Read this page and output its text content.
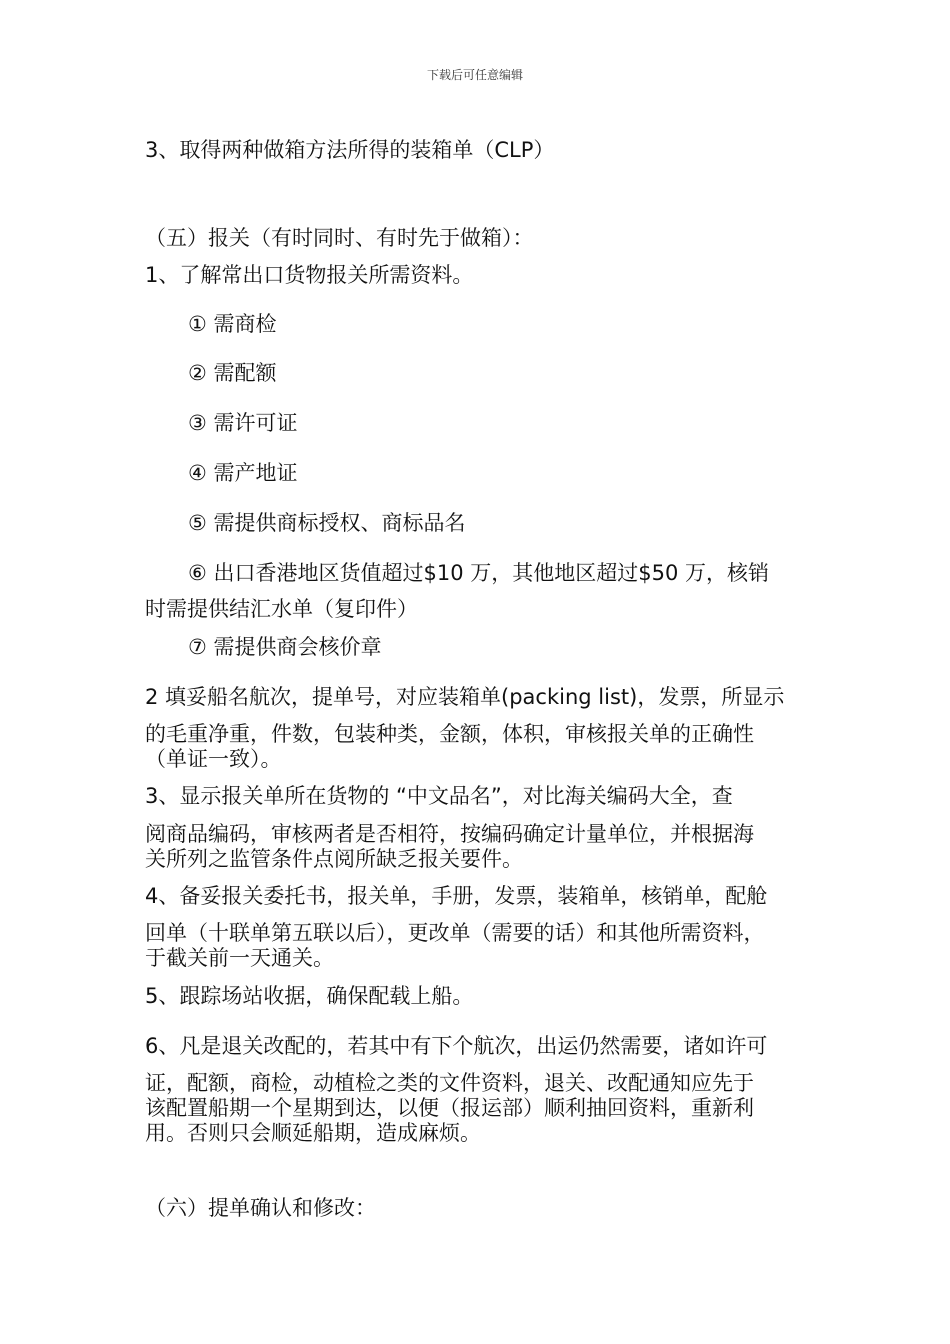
下载后可任意编辑
3、取得两种做箱方法所得的装箱单（CLP）
（五）报关（有时同时、有时先于做箱）：
1、了解常出口货物报关所需资料。
① 需商检
② 需配额
③ 需许可证
④ 需产地证
⑤ 需提供商标授权、商标品名
⑥ 出口香港地区货值超过$10 万，其他地区超过$50 万，核销
时需提供结汇水单（复印件）
⑦ 需提供商会核价章
2 填妥船名航次，提单号，对应装箱单(packing list)，发票，所显示
的毛重净重，件数，包装种类，金额，体积，审核报关单的正确性
（单证一致）。
3、显示报关单所在货物的 “中文品名”，对比海关编码大全，查
阅商品编码，审核两者是否相符，按编码确定计量单位，并根据海
关所列之监管条件点阅所缺乏报关要件。
4、备妥报关委托书，报关单，手册，发票，装箱单，核销单，配舱
回单（十联单第五联以后），更改单（需要的话）和其他所需资料，
于截关前一天通关。
5、跟踪场站收据，确保配载上船。
6、凡是退关改配的，若其中有下个航次，出运仍然需要，诸如许可
证，配额，商检，动植检之类的文件资料，退关、改配通知应先于
该配置船期一个星期到达，以便（报运部）顺利抽回资料，重新利
用。否则只会顺延船期，造成麻烦。
（六）提单确认和修改：
